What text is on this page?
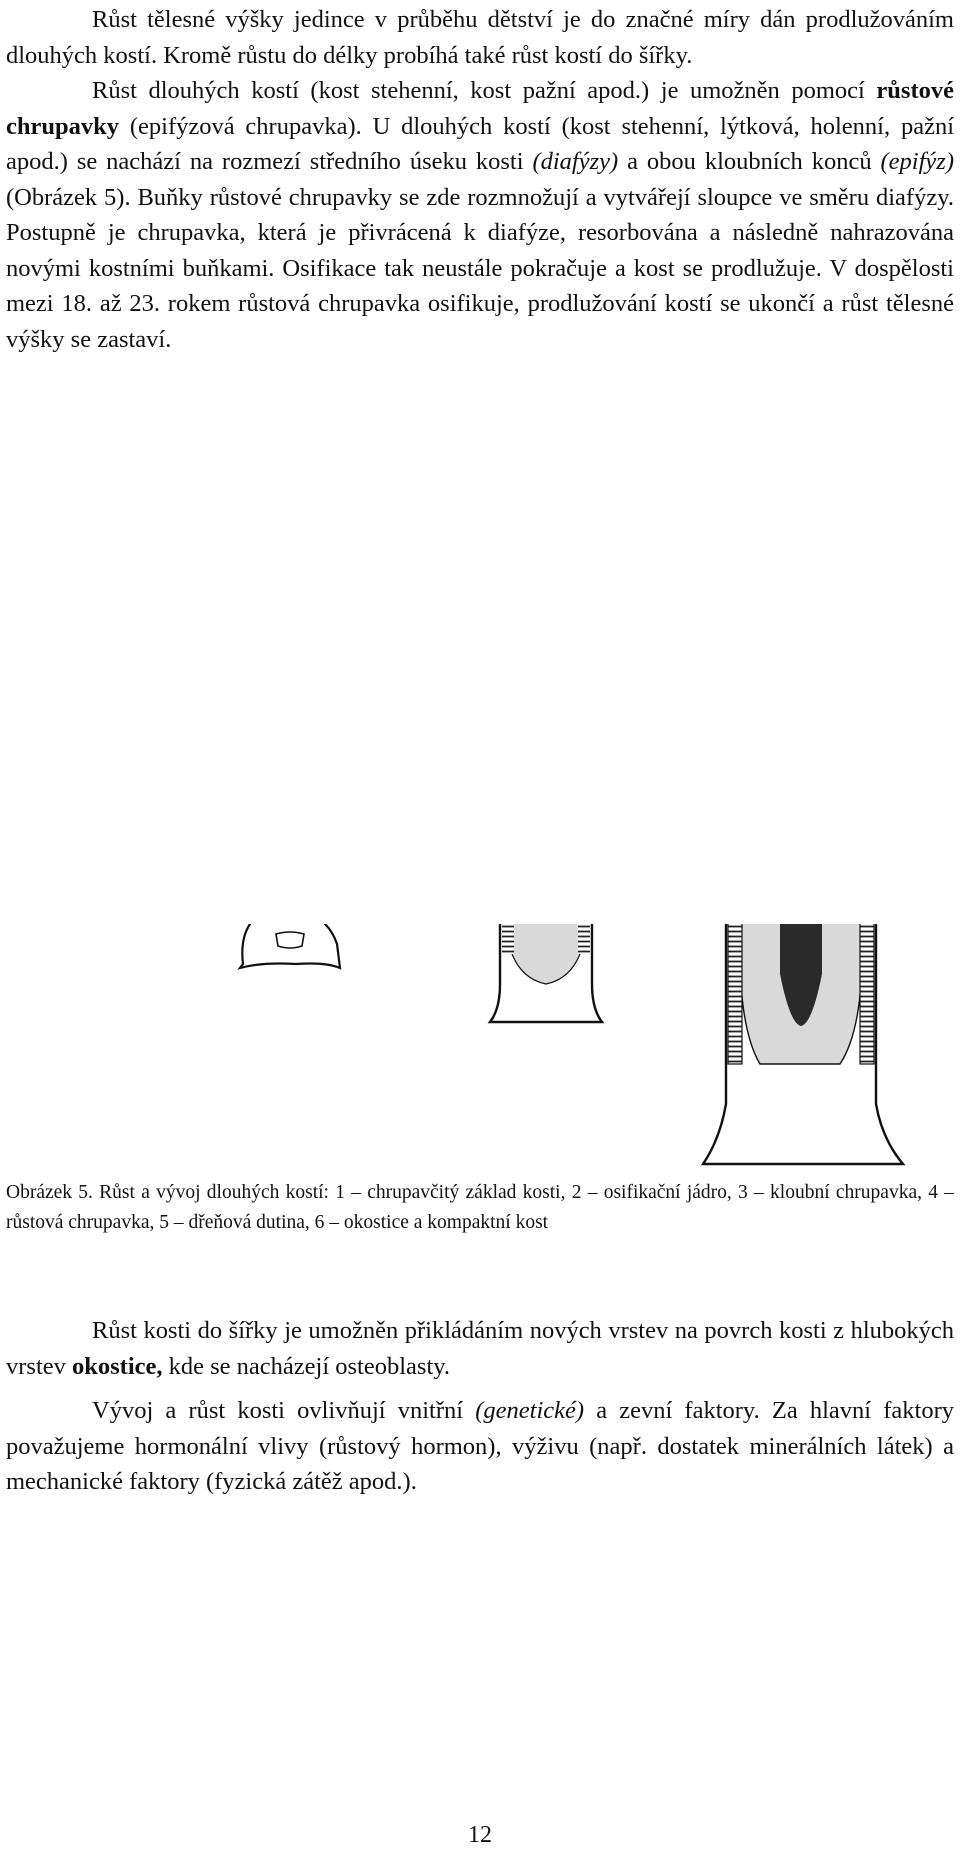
Růst tělesné výšky jedince v průběhu dětství je do značné míry dán prodlužováním dlouhých kostí. Kromě růstu do délky probíhá také růst kostí do šířky.

Růst dlouhých kostí (kost stehenní, kost pažní apod.) je umožněn pomocí růstové chrupavky (epifýzová chrupavka). U dlouhých kostí (kost stehenní, lýtková, holenní, pažní apod.) se nachází na rozmezí středního úseku kosti (diafýzy) a obou kloubních konců (epifýz) (Obrázek 5). Buňky růstové chrupavky se zde rozmnožují a vytvářejí sloupce ve směru diafýzy. Postupně je chrupavka, která je přivrácená k diafýze, resorbována a následně nahrazována novými kostními buňkami. Osifikace tak neustále pokračuje a kost se prodlužuje. V dospělosti mezi 18. až 23. rokem růstová chrupavka osifikuje, prodlužování kostí se ukončí a růst tělesné výšky se zastaví.

Obrázek 5. Růst a vývoj dlouhých kostí: 1 – chrupavčitý základ kosti, 2 – osifikační jádro, 3 – kloubní chrupavka, 4 – růstová chrupavka, 5 – dřeňová dutina, 6 – okostice a kompaktní kost

Růst kosti do šířky je umožněn přikládáním nových vrstev na povrch kosti z hlubokých vrstev okostice, kde se nacházejí osteoblasty.

Vývoj a růst kosti ovlivňují vnitřní (genetické) a zevní faktory. Za hlavní faktory považujeme hormonální vlivy (růstový hormon), výživu (např. dostatek minerálních látek) a mechanické faktory (fyzická zátěž apod.).

12
